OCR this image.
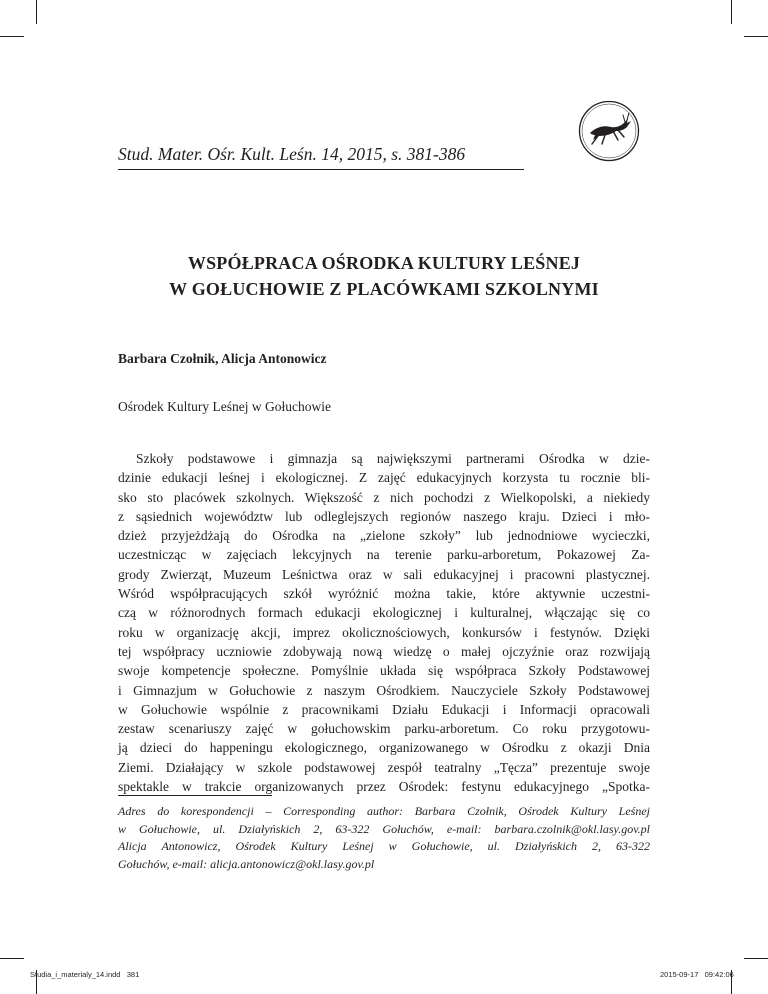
Stud. Mater. Ośr. Kult. Leśn. 14, 2015, s. 381-386
WSPÓŁPRACA OŚRODKA KULTURY LEŚNEJ
W GOŁUCHOWIE Z PLACÓWKAMI SZKOLNYMI
Barbara Czołnik, Alicja Antonowicz
Ośrodek Kultury Leśnej w Gołuchowie
Szkoły podstawowe i gimnazja są największymi partnerami Ośrodka w dzie-
dzinie edukacji leśnej i ekologicznej. Z zajęć edukacyjnych korzysta tu rocznie bli-
sko sto placówek szkolnych. Większość z nich pochodzi z Wielkopolski, a niekiedy
z sąsiednich województw lub odleglejszych regionów naszego kraju. Dzieci i mło-
dzież przyjeżdżają do Ośrodka na „zielone szkoły” lub jednodniowe wycieczki,
uczestnicząc w zajęciach lekcyjnych na terenie parku-arboretum, Pokazowej Za-
grody Zwierząt, Muzeum Leśnictwa oraz w sali edukacyjnej i pracowni plastycznej.
Wśród współpracujących szkół wyróżnić można takie, które aktywnie uczestni-
czą w różnorodnych formach edukacji ekologicznej i kulturalnej, włączając się co
roku w organizację akcji, imprez okolicznościowych, konkursów i festynów. Dzięki
tej współpracy uczniowie zdobywają nową wiedzę o małej ojczyźnie oraz rozwijają
swoje kompetencje społeczne. Pomyślnie układa się współpraca Szkoły Podstawowej
i Gimnazjum w Gołuchowie z naszym Ośrodkiem. Nauczyciele Szkoły Podstawowej
w Gołuchowie wspólnie z pracownikami Działu Edukacji i Informacji opracowali
zestaw scenariuszy zajęć w gołuchowskim parku-arboretum. Co roku przygotowu-
ją dzieci do happeningu ekologicznego, organizowanego w Ośrodku z okazji Dnia
Ziemi. Działający w szkole podstawowej zespół teatralny „Tęcza” prezentuje swoje
spektakle w trakcie organizowanych przez Ośrodek: festynu edukacyjnego „Spotka-
Adres do korespondencji – Corresponding author: Barbara Czołnik, Ośrodek Kultury Leśnej
w Gołuchowie, ul. Działyńskich 2, 63-322 Gołuchów, e-mail: barbara.czolnik@okl.lasy.gov.pl
Alicja Antonowicz, Ośrodek Kultury Leśnej w Gołuchowie, ul. Działyńskich 2, 63-322
Gołuchów, e-mail: alicja.antonowicz@okl.lasy.gov.pl
Studia_i_materialy_14.indd   381	2015-09-17   09:42:06
